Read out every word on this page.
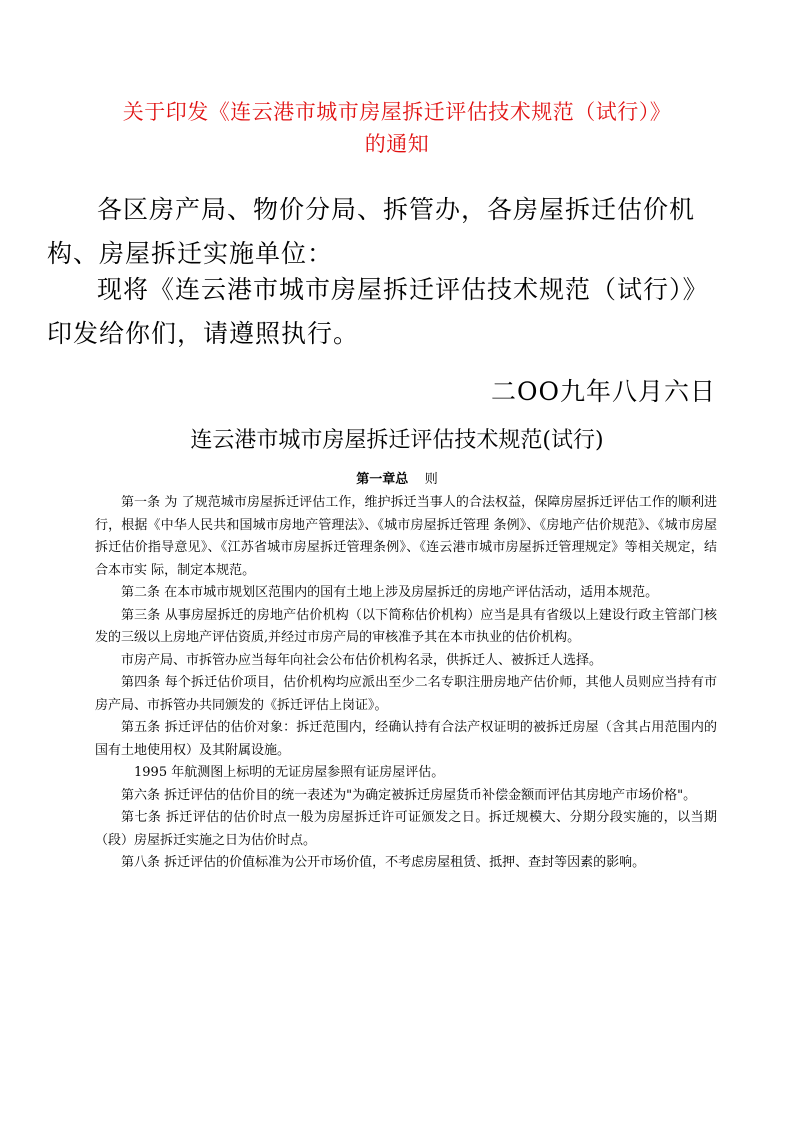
关于印发《连云港市城市房屋拆迁评估技术规范（试行）》
的通知
各区房产局、物价分局、拆管办，各房屋拆迁估价机构、房屋拆迁实施单位：
现将《连云港市城市房屋拆迁评估技术规范（试行）》印发给你们，请遵照执行。
二OO九年八月六日
连云港市城市房屋拆迁评估技术规范(试行)
第一章总 则

第一条 为 了规范城市房屋拆迁评估工作，维护拆迁当事人的合法权益，保障房屋拆迁评估工作的顺利进行，根据《中华人民共和国城市房地产管理法》、《城市房屋拆迁管理 条例》、《房地产估价规范》、《城市房屋拆迁估价指导意见》、《江苏省城市房屋拆迁管理条例》、《连云港市城市房屋拆迁管理规定》等相关规定，结合本市实 际，制定本规范。

第二条 在本市城市规划区范围内的国有土地上涉及房屋拆迁的房地产评估活动，适用本规范。

第三条 从事房屋拆迁的房地产估价机构（以下简称估价机构）应当是具有省级以上建设行政主管部门核发的三级以上房地产评估资质,并经过市房产局的审核准予其在本市执业的估价机构。

市房产局、市拆管办应当每年向社会公布估价机构名录，供拆迁人、被拆迁人选择。

第四条 每个拆迁估价项目，估价机构均应派出至少二名专职注册房地产估价师，其他人员则应当持有市房产局、市拆管办共同颁发的《拆迁评估上岗证》。

第五条 拆迁评估的估价对象：拆迁范围内，经确认持有合法产权证明的被拆迁房屋（含其占用范围内的国有土地使用权）及其附属设施。

1995 年航测图上标明的无证房屋参照有证房屋评估。

第六条 拆迁评估的估价目的统一表述为"为确定被拆迁房屋货币补偿金额而评估其房地产市场价格"。

第七条 拆迁评估的估价时点一般为房屋拆迁许可证颁发之日。拆迁规模大、分期分段实施的，以当期（段）房屋拆迁实施之日为估价时点。

第八条 拆迁评估的价值标准为公开市场价值，不考虑房屋租赁、抵押、查封等因素的影响。
